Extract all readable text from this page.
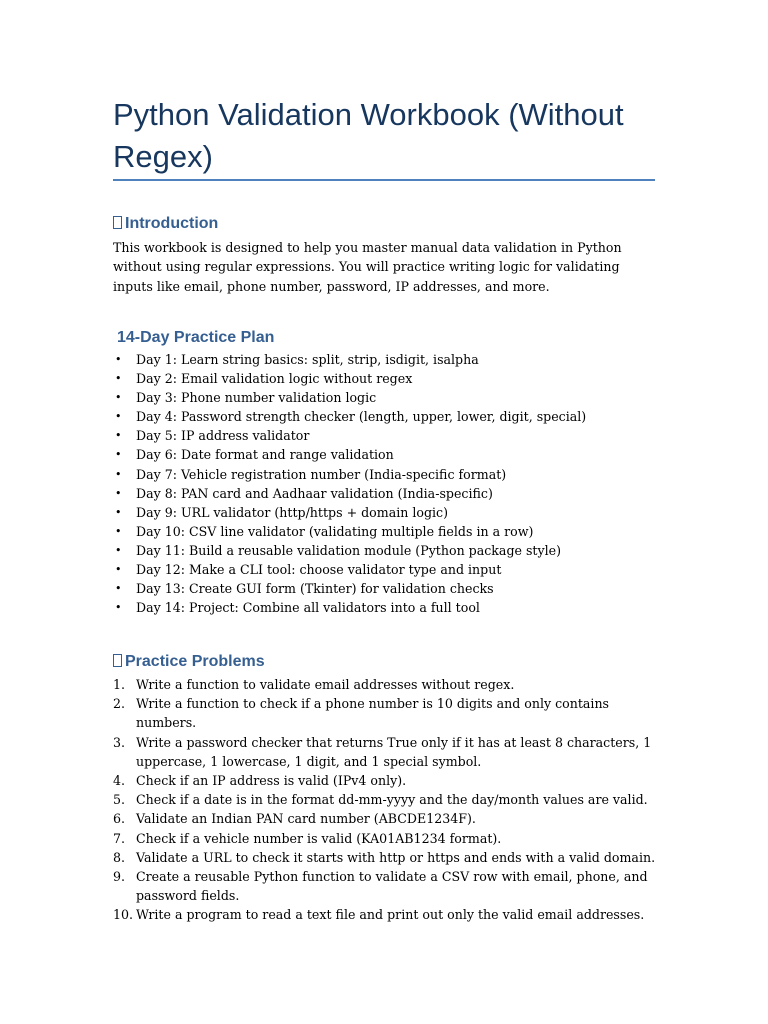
Python Validation Workbook (Without Regex)
Introduction

This workbook is designed to help you master manual data validation in Python without using regular expressions. You will practice writing logic for validating inputs like email, phone number, password, IP addresses, and more.

14-Day Practice Plan
• Day 1: Learn string basics: split, strip, isdigit, isalpha
• Day 2: Email validation logic without regex
• Day 3: Phone number validation logic
• Day 4: Password strength checker (length, upper, lower, digit, special)
• Day 5: IP address validator
• Day 6: Date format and range validation
• Day 7: Vehicle registration number (India-specific format)
• Day 8: PAN card and Aadhaar validation (India-specific)
• Day 9: URL validator (http/https + domain logic)
• Day 10: CSV line validator (validating multiple fields in a row)
• Day 11: Build a reusable validation module (Python package style)
• Day 12: Make a CLI tool: choose validator type and input
• Day 13: Create GUI form (Tkinter) for validation checks
• Day 14: Project: Combine all validators into a full tool
Practice Problems
1. Write a function to validate email addresses without regex.
2. Write a function to check if a phone number is 10 digits and only contains numbers.
3. Write a password checker that returns True only if it has at least 8 characters, 1 uppercase, 1 lowercase, 1 digit, and 1 special symbol.
4. Check if an IP address is valid (IPv4 only).
5. Check if a date is in the format dd-mm-yyyy and the day/month values are valid.
6. Validate an Indian PAN card number (ABCDE1234F).
7. Check if a vehicle number is valid (KA01AB1234 format).
8. Validate a URL to check it starts with http or https and ends with a valid domain.
9. Create a reusable Python function to validate a CSV row with email, phone, and password fields.
10. Write a program to read a text file and print out only the valid email addresses.
